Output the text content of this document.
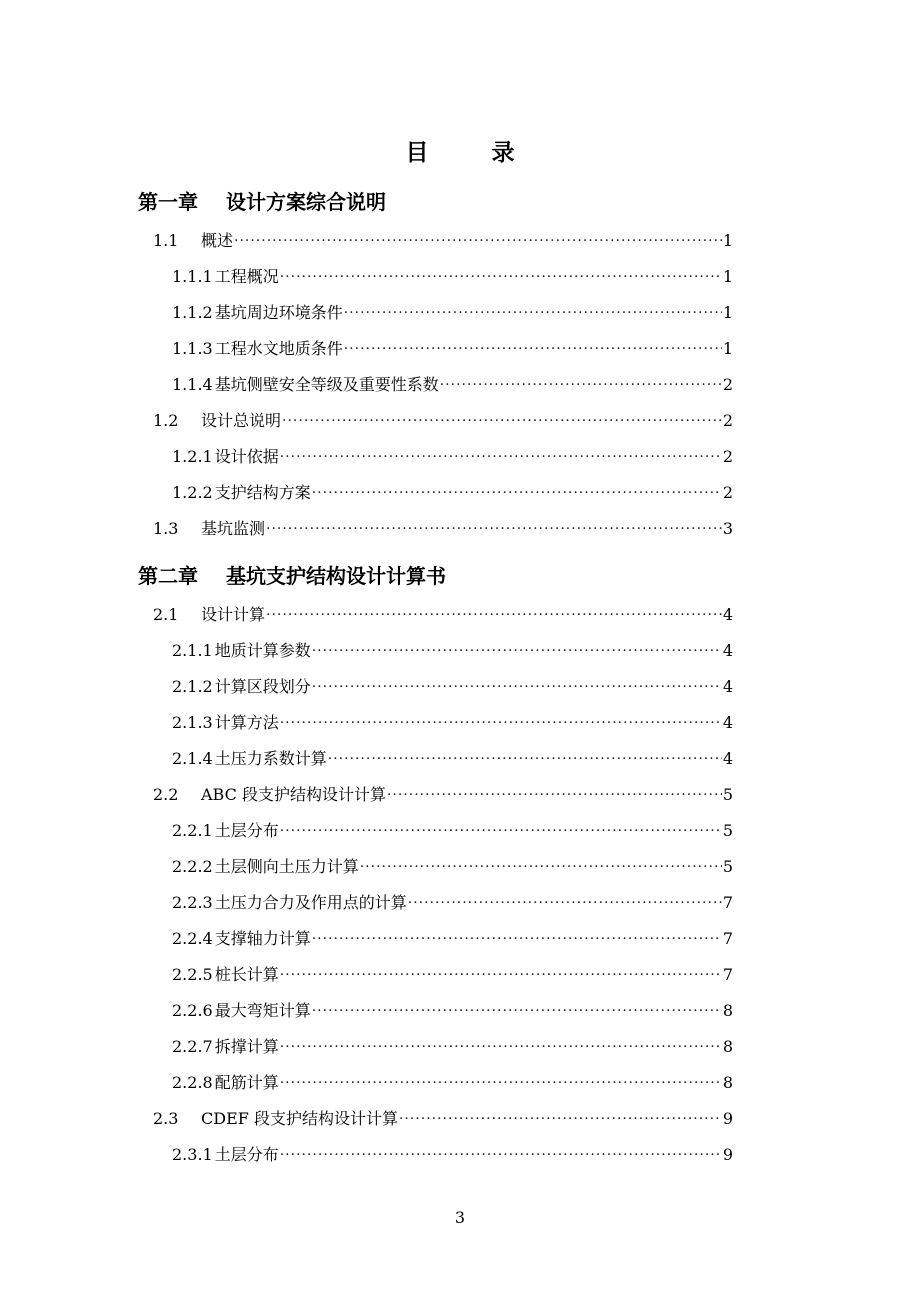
目　录
第一章 设计方案综合说明
1.1	概述 ·····	1
1.1.1 工程概况 ·····	1
1.1.2 基坑周边环境条件 ·····	1
1.1.3 工程水文地质条件 ·····	1
1.1.4 基坑侧壁安全等级及重要性系数 ·····	2
1.2	设计总说明 ·····	2
1.2.1 设计依据 ·····	2
1.2.2 支护结构方案 ·····	2
1.3	基坑监测 ·····	3
第二章 基坑支护结构设计计算书
2.1	设计计算 ·····	4
2.1.1 地质计算参数 ·····	4
2.1.2 计算区段划分 ·····	4
2.1.3 计算方法 ·····	4
2.1.4 土压力系数计算 ·····	4
2.2	ABC 段支护结构设计计算 ·····	5
2.2.1 土层分布 ·····	5
2.2.2 土层侧向土压力计算 ·····	5
2.2.3 土压力合力及作用点的计算 ·····	7
2.2.4 支撑轴力计算 ·····	7
2.2.5 桩长计算 ·····	7
2.2.6 最大弯矩计算 ·····	8
2.2.7 拆撑计算 ·····	8
2.2.8 配筋计算 ·····	8
2.3	CDEF 段支护结构设计计算 ·····	9
2.3.1 土层分布 ·····	9
3
